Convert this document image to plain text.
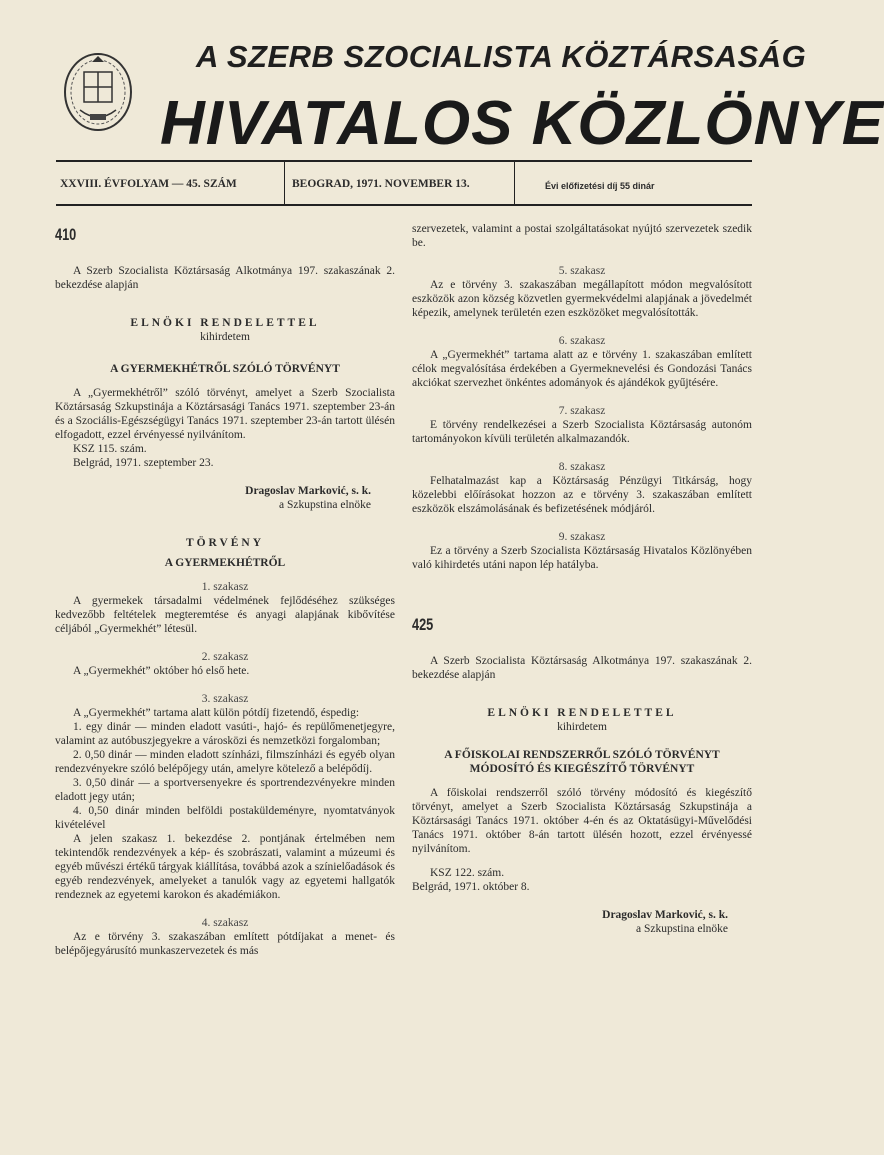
A SZERB SZOCIALISTA KÖZTÁRSASÁG
HIVATALOS KÖZLÖNYE
XXVIII. ÉVFOLYAM — 45. SZÁM	BEOGRAD, 1971. NOVEMBER 13.	Évi előfizetési díj 55 dinár
410

A Szerb Szocialista Köztársaság Alkotmánya 197. szakaszának 2. bekezdése alapján

ELNÖKI RENDELETTEL

kihirdetem

A GYERMEKHÉTRŐL SZÓLÓ TÖRVÉNYT

A „Gyermekhétről” szóló törvényt, amelyet a Szerb Szocialista Köztársaság Szkupstinája a Köztársasági Tanács 1971. szeptember 23-án és a Szociális-Egészségügyi Tanács 1971. szeptember 23-án tartott ülésén elfogadott, ezzel érvényessé nyilvánítom.

KSZ 115. szám.

Belgrád, 1971. szeptember 23.

Dragoslav Marković, s. k.
a Szkupstina elnöke

TÖRVÉNY

A GYERMEKHÉTRŐL

1. szakasz

A gyermekek társadalmi védelmének fejlődéséhez szükséges kedvezőbb feltételek megteremtése és anyagi alapjának kibővítése céljából „Gyermekhét” létesül.

2. szakasz

A „Gyermekhét” október hó első hete.

3. szakasz

A „Gyermekhét” tartama alatt külön pótdíj fizetendő, éspedig:

1. egy dinár — minden eladott vasúti-, hajó- és repülőmenetjegyre, valamint az autóbuszjegyekre a városközi és nemzetközi forgalomban;

2. 0,50 dinár — minden eladott színházi, filmszínházi és egyéb olyan rendezvényekre szóló belépőjegy után, amelyre kötelező a belépődíj.

3. 0,50 dinár — a sportversenyekre és sportrendezvényekre minden eladott jegy után;

4. 0,50 dinár minden belföldi postaküldeményre, nyomtatványok kivételével

A jelen szakasz 1. bekezdése 2. pontjának értelmében nem tekintendők rendezvények a kép- és szobrászati, valamint a múzeumi és egyéb művészi értékű tárgyak kiállítása, továbbá azok a színielőadások és egyéb rendezvények, amelyeket a tanulók vagy az egyetemi hallgatók rendeznek az egyetemi karokon és akadémiákon.

4. szakasz

Az e törvény 3. szakaszában említett pótdíjakat a menet- és belépőjegyárusító munkaszervezetek és más

szervezetek, valamint a postai szolgáltatásokat nyújtó szervezetek szedik be.

5. szakasz

Az e törvény 3. szakaszában megállapított módon megvalósított eszközök azon község közvetlen gyermekvédelmi alapjának a jövedelmét képezik, amelynek területén ezen eszközöket megvalósították.

6. szakasz

A „Gyermekhét” tartama alatt az e törvény 1. szakaszában említett célok megvalósítása érdekében a Gyermeknevelési és Gondozási Tanács akciókat szervezhet önkéntes adományok és ajándékok gyűjtésére.

7. szakasz

E törvény rendelkezései a Szerb Szocialista Köztársaság autonóm tartományokon kívüli területén alkalmazandók.

8. szakasz

Felhatalmazást kap a Köztársaság Pénzügyi Titkárság, hogy közelebbi előírásokat hozzon az e törvény 3. szakaszában említett eszközök elszámolásának és befizetésének módjáról.

9. szakasz

Ez a törvény a Szerb Szocialista Köztársaság Hivatalos Közlönyében való kihirdetés utáni napon lép hatályba.

425

A Szerb Szocialista Köztársaság Alkotmánya 197. szakaszának 2. bekezdése alapján

ELNÖKI RENDELETTEL

kihirdetem

A FŐISKOLAI RENDSZERRŐL SZÓLÓ TÖRVÉNYT MÓDOSÍTÓ ÉS KIEGÉSZÍTŐ TÖRVÉNYT

A főiskolai rendszerről szóló törvény módosító és kiegészítő törvényt, amelyet a Szerb Szocialista Köztársaság Szkupstinája a Köztársasági Tanács 1971. október 4-én és az Oktatásügyi-Művelődési Tanács 1971. október 8-án tartott ülésén hozott, ezzel érvényessé nyilvánítom.

KSZ 122. szám.

Belgrád, 1971. október 8.

Dragoslav Marković, s. k.
a Szkupstina elnöke
